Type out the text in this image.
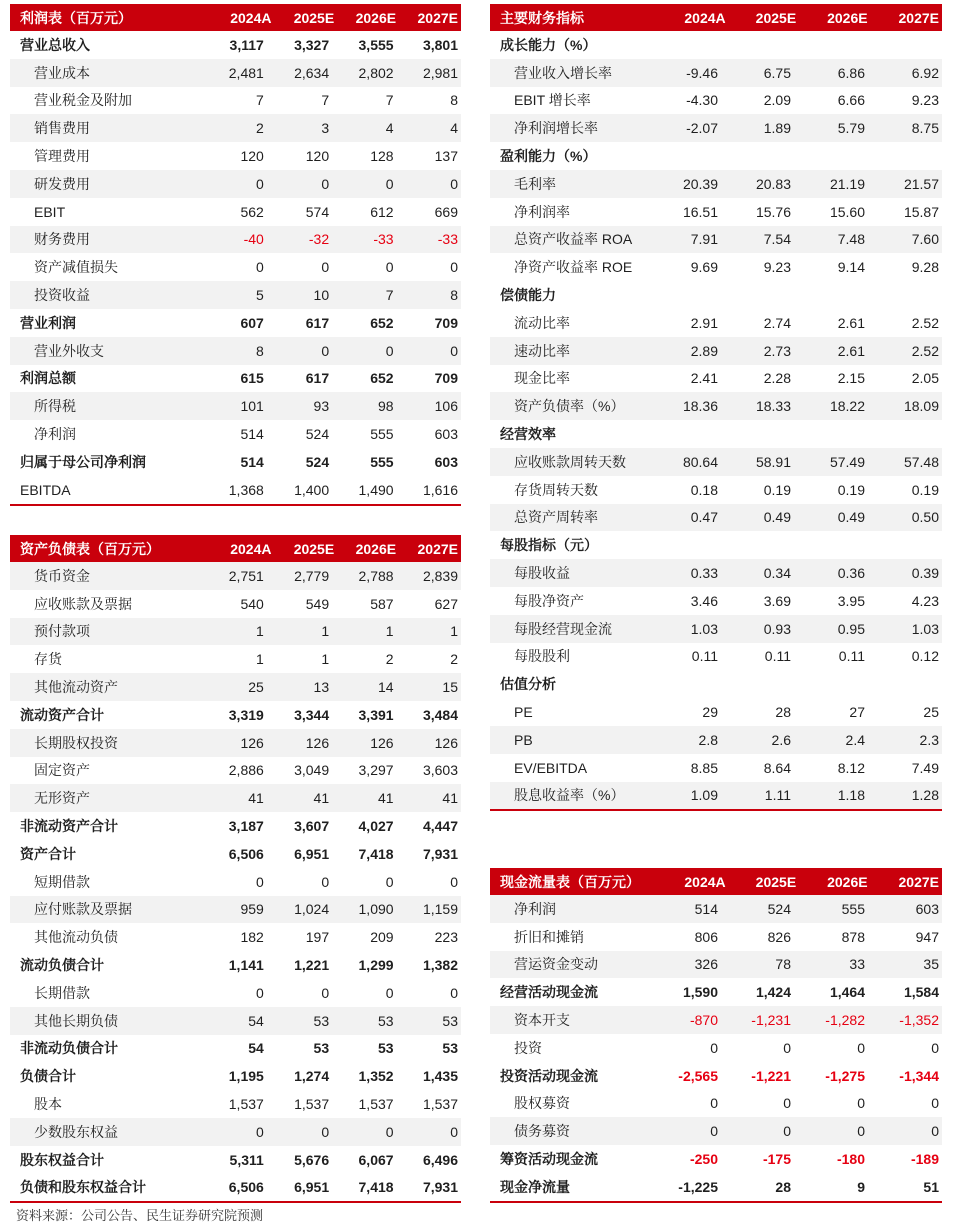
利润表（百万元）	2024A	2025E	2026E	2027E
营业总收入	3,117	3,327	3,555	3,801
营业成本	2,481	2,634	2,802	2,981
营业税金及附加	7	7	7	8
销售费用	2	3	4	4
管理费用	120	120	128	137
研发费用	0	0	0	0
EBIT	562	574	612	669
财务费用	-40	-32	-33	-33
资产减值损失	0	0	0	0
投资收益	5	10	7	8
营业利润	607	617	652	709
营业外收支	8	0	0	0
利润总额	615	617	652	709
所得税	101	93	98	106
净利润	514	524	555	603
归属于母公司净利润	514	524	555	603
EBITDA	1,368	1,400	1,490	1,616
资产负债表（百万元）	2024A	2025E	2026E	2027E
货币资金	2,751	2,779	2,788	2,839
应收账款及票据	540	549	587	627
预付款项	1	1	1	1
存货	1	1	2	2
其他流动资产	25	13	14	15
流动资产合计	3,319	3,344	3,391	3,484
长期股权投资	126	126	126	126
固定资产	2,886	3,049	3,297	3,603
无形资产	41	41	41	41
非流动资产合计	3,187	3,607	4,027	4,447
资产合计	6,506	6,951	7,418	7,931
短期借款	0	0	0	0
应付账款及票据	959	1,024	1,090	1,159
其他流动负债	182	197	209	223
流动负债合计	1,141	1,221	1,299	1,382
长期借款	0	0	0	0
其他长期负债	54	53	53	53
非流动负债合计	54	53	53	53
负债合计	1,195	1,274	1,352	1,435
股本	1,537	1,537	1,537	1,537
少数股东权益	0	0	0	0
股东权益合计	5,311	5,676	6,067	6,496
负债和股东权益合计	6,506	6,951	7,418	7,931
主要财务指标	2024A	2025E	2026E	2027E
成长能力（%）
营业收入增长率	-9.46	6.75	6.86	6.92
EBIT 增长率	-4.30	2.09	6.66	9.23
净利润增长率	-2.07	1.89	5.79	8.75
盈利能力（%）
毛利率	20.39	20.83	21.19	21.57
净利润率	16.51	15.76	15.60	15.87
总资产收益率 ROA	7.91	7.54	7.48	7.60
净资产收益率 ROE	9.69	9.23	9.14	9.28
偿债能力
流动比率	2.91	2.74	2.61	2.52
速动比率	2.89	2.73	2.61	2.52
现金比率	2.41	2.28	2.15	2.05
资产负债率（%）	18.36	18.33	18.22	18.09
经营效率
应收账款周转天数	80.64	58.91	57.49	57.48
存货周转天数	0.18	0.19	0.19	0.19
总资产周转率	0.47	0.49	0.49	0.50
每股指标（元）
每股收益	0.33	0.34	0.36	0.39
每股净资产	3.46	3.69	3.95	4.23
每股经营现金流	1.03	0.93	0.95	1.03
每股股利	0.11	0.11	0.11	0.12
估值分析
PE	29	28	27	25
PB	2.8	2.6	2.4	2.3
EV/EBITDA	8.85	8.64	8.12	7.49
股息收益率（%）	1.09	1.11	1.18	1.28
现金流量表（百万元）	2024A	2025E	2026E	2027E
净利润	514	524	555	603
折旧和摊销	806	826	878	947
营运资金变动	326	78	33	35
经营活动现金流	1,590	1,424	1,464	1,584
资本开支	-870	-1,231	-1,282	-1,352
投资	0	0	0	0
投资活动现金流	-2,565	-1,221	-1,275	-1,344
股权募资	0	0	0	0
债务募资	0	0	0	0
筹资活动现金流	-250	-175	-180	-189
现金净流量	-1,225	28	9	51
资料来源：公司公告、民生证券研究院预测
